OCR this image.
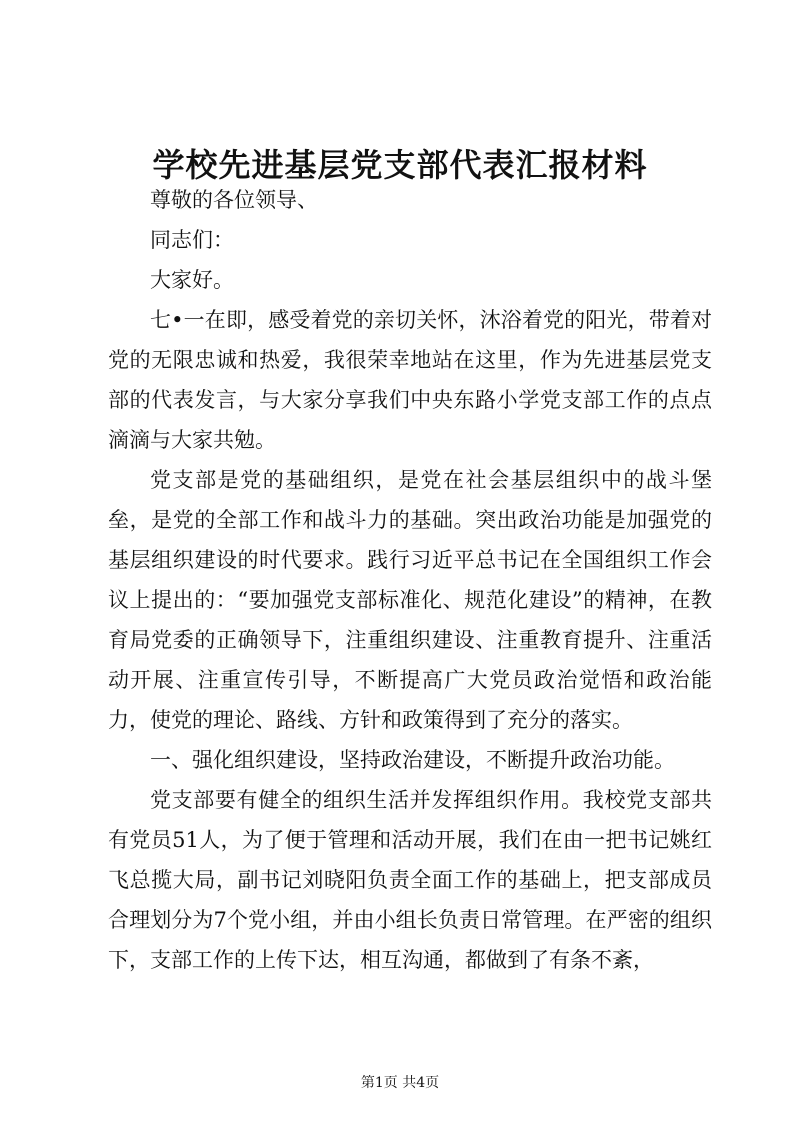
学校先进基层党支部代表汇报材料

尊敬的各位领导、

同志们：

大家好。

七•一在即，感受着党的亲切关怀，沐浴着党的阳光，带着对党的无限忠诚和热爱，我很荣幸地站在这里，作为先进基层党支部的代表发言，与大家分享我们中央东路小学党支部工作的点点滴滴与大家共勉。

党支部是党的基础组织，是党在社会基层组织中的战斗堡垒，是党的全部工作和战斗力的基础。突出政治功能是加强党的基层组织建设的时代要求。践行习近平总书记在全国组织工作会议上提出的：“要加强党支部标准化、规范化建设”的精神，在教育局党委的正确领导下，注重组织建设、注重教育提升、注重活动开展、注重宣传引导，不断提高广大党员政治觉悟和政治能力，使党的理论、路线、方针和政策得到了充分的落实。

一、强化组织建设，坚持政治建设，不断提升政治功能。

党支部要有健全的组织生活并发挥组织作用。我校党支部共有党员51人，为了便于管理和活动开展，我们在由一把书记姚红飞总揽大局，副书记刘晓阳负责全面工作的基础上，把支部成员合理划分为7个党小组，并由小组长负责日常管理。在严密的组织下，支部工作的上传下达，相互沟通，都做到了有条不紊，

第1页 共4页
